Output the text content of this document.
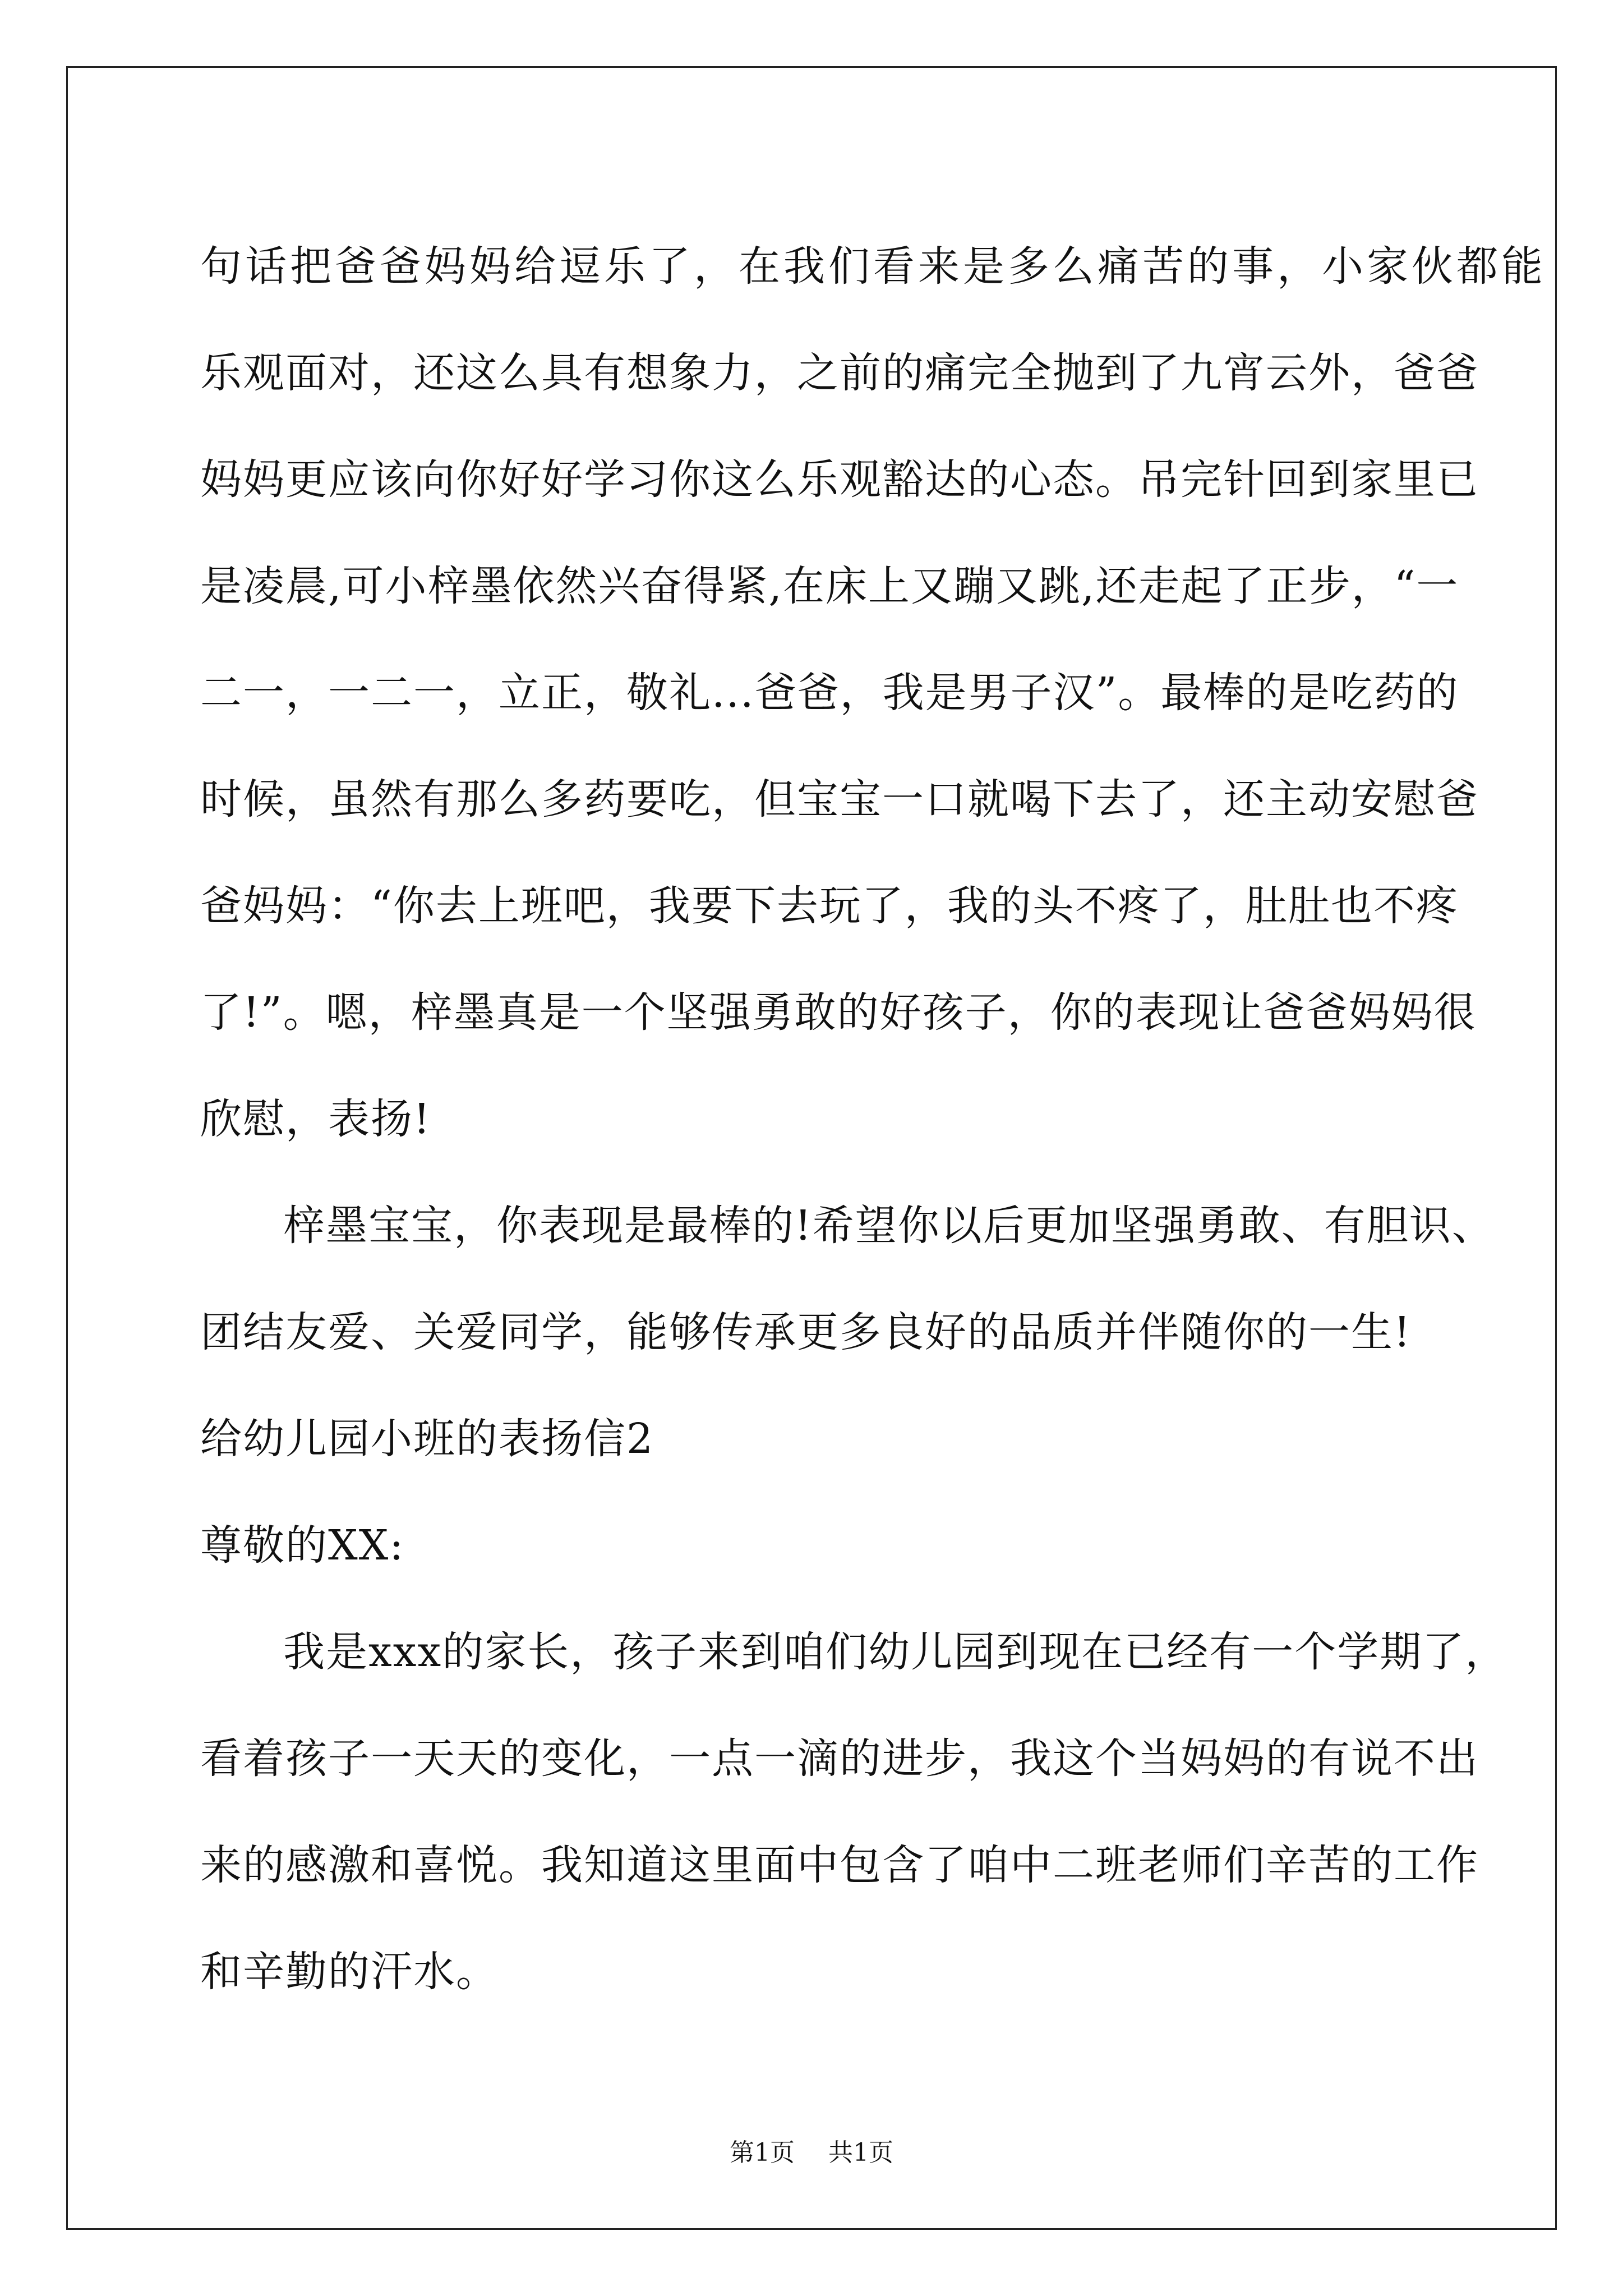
句话把爸爸妈妈给逗乐了，在我们看来是多么痛苦的事，小家伙都能
乐观面对，还这么具有想象力，之前的痛完全抛到了九宵云外，爸爸
妈妈更应该向你好好学习你这么乐观豁达的心态。吊完针回到家里已
是凌晨,可小梓墨依然兴奋得紧,在床上又蹦又跳,还走起了正步，“一
二一，一二一，立正，敬礼...爸爸，我是男子汉”。最棒的是吃药的
时候，虽然有那么多药要吃，但宝宝一口就喝下去了，还主动安慰爸
爸妈妈：“你去上班吧，我要下去玩了，我的头不疼了，肚肚也不疼
了!”。嗯，梓墨真是一个坚强勇敢的好孩子，你的表现让爸爸妈妈很
欣慰，表扬!
梓墨宝宝，你表现是最棒的!希望你以后更加坚强勇敢、有胆识、
团结友爱、关爱同学，能够传承更多良好的品质并伴随你的一生!
给幼儿园小班的表扬信2
尊敬的XX:
我是xxx的家长，孩子来到咱们幼儿园到现在已经有一个学期了，
看着孩子一天天的变化，一点一滴的进步，我这个当妈妈的有说不出
来的感激和喜悦。我知道这里面中包含了咱中二班老师们辛苦的工作
和辛勤的汗水。
第1页 共1页
